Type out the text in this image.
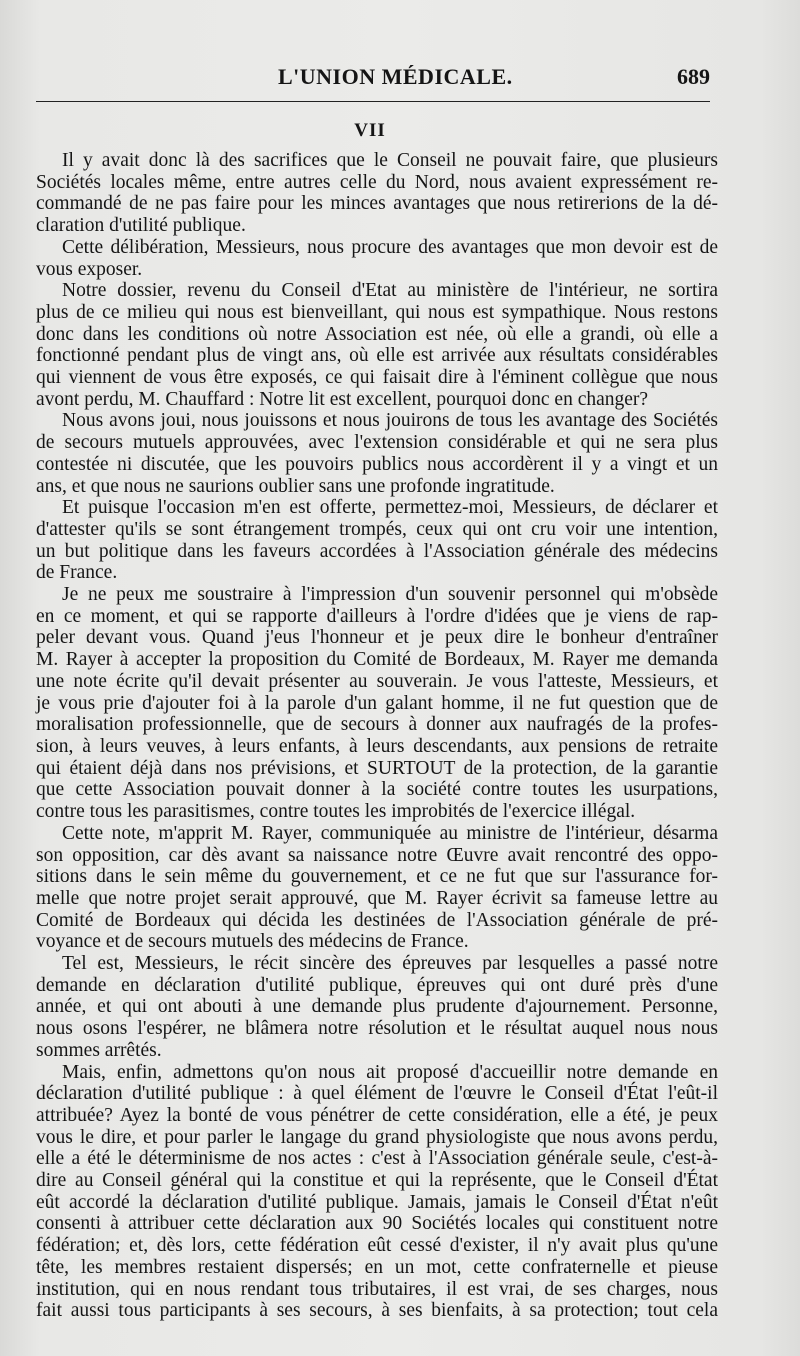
L'UNION MÉDICALE.	689
VII
Il y avait donc là des sacrifices que le Conseil ne pouvait faire, que plusieurs
Sociétés locales même, entre autres celle du Nord, nous avaient expressément re-
commandé de ne pas faire pour les minces avantages que nous retirerions de la dé-
claration d'utilité publique.
Cette délibération, Messieurs, nous procure des avantages que mon devoir est de
vous exposer.
Notre dossier, revenu du Conseil d'Etat au ministère de l'intérieur, ne sortira
plus de ce milieu qui nous est bienveillant, qui nous est sympathique. Nous restons
donc dans les conditions où notre Association est née, où elle a grandi, où elle a
fonctionné pendant plus de vingt ans, où elle est arrivée aux résultats considérables
qui viennent de vous être exposés, ce qui faisait dire à l'éminent collègue que nous
avont perdu, M. Chauffard : Notre lit est excellent, pourquoi donc en changer?
Nous avons joui, nous jouissons et nous jouirons de tous les avantage des Sociétés
de secours mutuels approuvées, avec l'extension considérable et qui ne sera plus
contestée ni discutée, que les pouvoirs publics nous accordèrent il y a vingt et un
ans, et que nous ne saurions oublier sans une profonde ingratitude.
Et puisque l'occasion m'en est offerte, permettez-moi, Messieurs, de déclarer et
d'attester qu'ils se sont étrangement trompés, ceux qui ont cru voir une intention,
un but politique dans les faveurs accordées à l'Association générale des médecins
de France.
Je ne peux me soustraire à l'impression d'un souvenir personnel qui m'obsède
en ce moment, et qui se rapporte d'ailleurs à l'ordre d'idées que je viens de rap-
peler devant vous. Quand j'eus l'honneur et je peux dire le bonheur d'entraîner
M. Rayer à accepter la proposition du Comité de Bordeaux, M. Rayer me demanda
une note écrite qu'il devait présenter au souverain. Je vous l'atteste, Messieurs, et
je vous prie d'ajouter foi à la parole d'un galant homme, il ne fut question que de
moralisation professionnelle, que de secours à donner aux naufragés de la profes-
sion, à leurs veuves, à leurs enfants, à leurs descendants, aux pensions de retraite
qui étaient déjà dans nos prévisions, et SURTOUT de la protection, de la garantie
que cette Association pouvait donner à la société contre toutes les usurpations,
contre tous les parasitismes, contre toutes les improbités de l'exercice illégal.
Cette note, m'apprit M. Rayer, communiquée au ministre de l'intérieur, désarma
son opposition, car dès avant sa naissance notre Œuvre avait rencontré des oppo-
sitions dans le sein même du gouvernement, et ce ne fut que sur l'assurance for-
melle que notre projet serait approuvé, que M. Rayer écrivit sa fameuse lettre au
Comité de Bordeaux qui décida les destinées de l'Association générale de pré-
voyance et de secours mutuels des médecins de France.
Tel est, Messieurs, le récit sincère des épreuves par lesquelles a passé notre
demande en déclaration d'utilité publique, épreuves qui ont duré près d'une
année, et qui ont abouti à une demande plus prudente d'ajournement. Personne,
nous osons l'espérer, ne blâmera notre résolution et le résultat auquel nous nous
sommes arrêtés.
Mais, enfin, admettons qu'on nous ait proposé d'accueillir notre demande en
déclaration d'utilité publique : à quel élément de l'œuvre le Conseil d'État l'eût-il
attribuée? Ayez la bonté de vous pénétrer de cette considération, elle a été, je peux
vous le dire, et pour parler le langage du grand physiologiste que nous avons perdu,
elle a été le déterminisme de nos actes : c'est à l'Association générale seule, c'est-à-
dire au Conseil général qui la constitue et qui la représente, que le Conseil d'État
eût accordé la déclaration d'utilité publique. Jamais, jamais le Conseil d'État n'eût
consenti à attribuer cette déclaration aux 90 Sociétés locales qui constituent notre
fédération; et, dès lors, cette fédération eût cessé d'exister, il n'y avait plus qu'une
tête, les membres restaient dispersés; en un mot, cette confraternelle et pieuse
institution, qui en nous rendant tous tributaires, il est vrai, de ses charges, nous
fait aussi tous participants à ses secours, à ses bienfaits, à sa protection; tout cela
